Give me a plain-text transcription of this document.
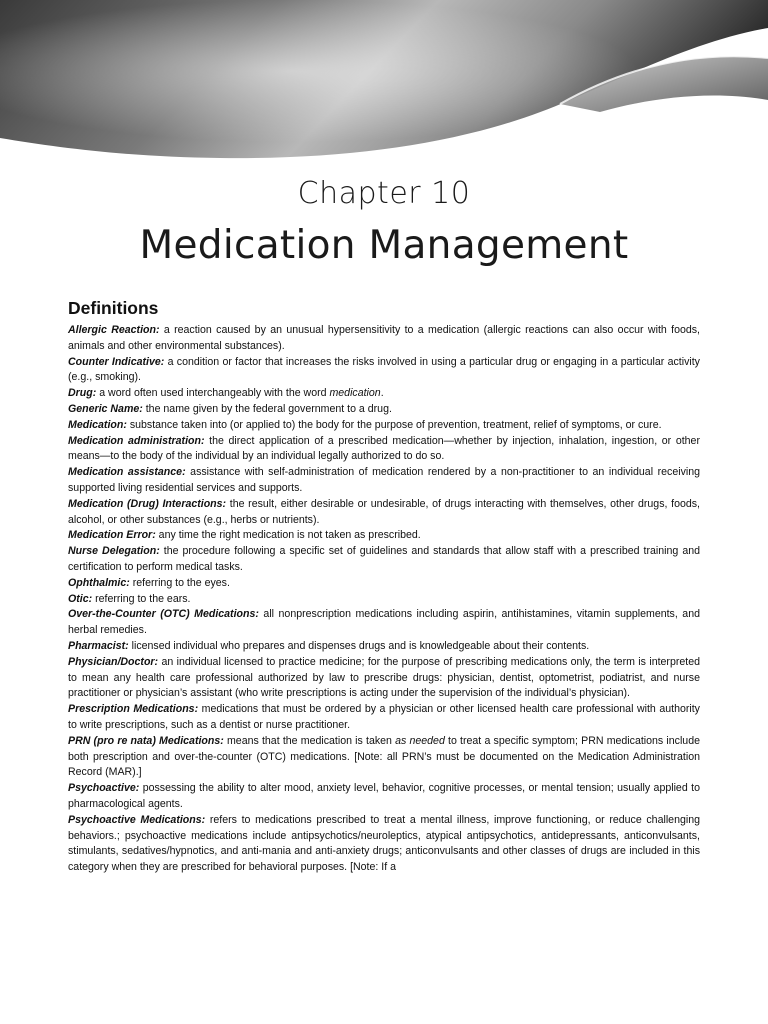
Chapter 10
Medication Management
Definitions
Allergic Reaction: a reaction caused by an unusual hypersensitivity to a medication (allergic reactions can also occur with foods, animals and other environmental substances).
Counter Indicative: a condition or factor that increases the risks involved in using a particular drug or engaging in a particular activity (e.g., smoking).
Drug: a word often used interchangeably with the word medication.
Generic Name: the name given by the federal government to a drug.
Medication: substance taken into (or applied to) the body for the purpose of prevention, treatment, relief of symptoms, or cure.
Medication administration: the direct application of a prescribed medication—whether by injection, inhalation, ingestion, or other means—to the body of the individual by an individual legally authorized to do so.
Medication assistance: assistance with self-administration of medication rendered by a non-practitioner to an individual receiving supported living residential services and supports.
Medication (Drug) Interactions: the result, either desirable or undesirable, of drugs interacting with themselves, other drugs, foods, alcohol, or other substances (e.g., herbs or nutrients).
Medication Error: any time the right medication is not taken as prescribed.
Nurse Delegation: the procedure following a specific set of guidelines and standards that allow staff with a prescribed training and certification to perform medical tasks.
Ophthalmic: referring to the eyes.
Otic: referring to the ears.
Over-the-Counter (OTC) Medications: all nonprescription medications including aspirin, antihistamines, vitamin supplements, and herbal remedies.
Pharmacist: licensed individual who prepares and dispenses drugs and is knowledgeable about their contents.
Physician/Doctor: an individual licensed to practice medicine; for the purpose of prescribing medications only, the term is interpreted to mean any health care professional authorized by law to prescribe drugs: physician, dentist, optometrist, podiatrist, and nurse practitioner or physician’s assistant (who write prescriptions is acting under the supervision of the individual’s physician).
Prescription Medications: medications that must be ordered by a physician or other licensed health care professional with authority to write prescriptions, such as a dentist or nurse practitioner.
PRN (pro re nata) Medications: means that the medication is taken as needed to treat a specific symptom; PRN medications include both prescription and over-the-counter (OTC) medications. [Note: all PRN’s must be documented on the Medication Administration Record (MAR).]
Psychoactive: possessing the ability to alter mood, anxiety level, behavior, cognitive processes, or mental tension; usually applied to pharmacological agents.
Psychoactive Medications: refers to medications prescribed to treat a mental illness, improve functioning, or reduce challenging behaviors.; psychoactive medications include antipsychotics/neuroleptics, atypical antipsychotics, antidepressants, anticonvulsants, stimulants, sedatives/hypnotics, and anti-mania and anti-anxiety drugs; anticonvulsants and other classes of drugs are included in this category when they are prescribed for behavioral purposes. [Note: If a
